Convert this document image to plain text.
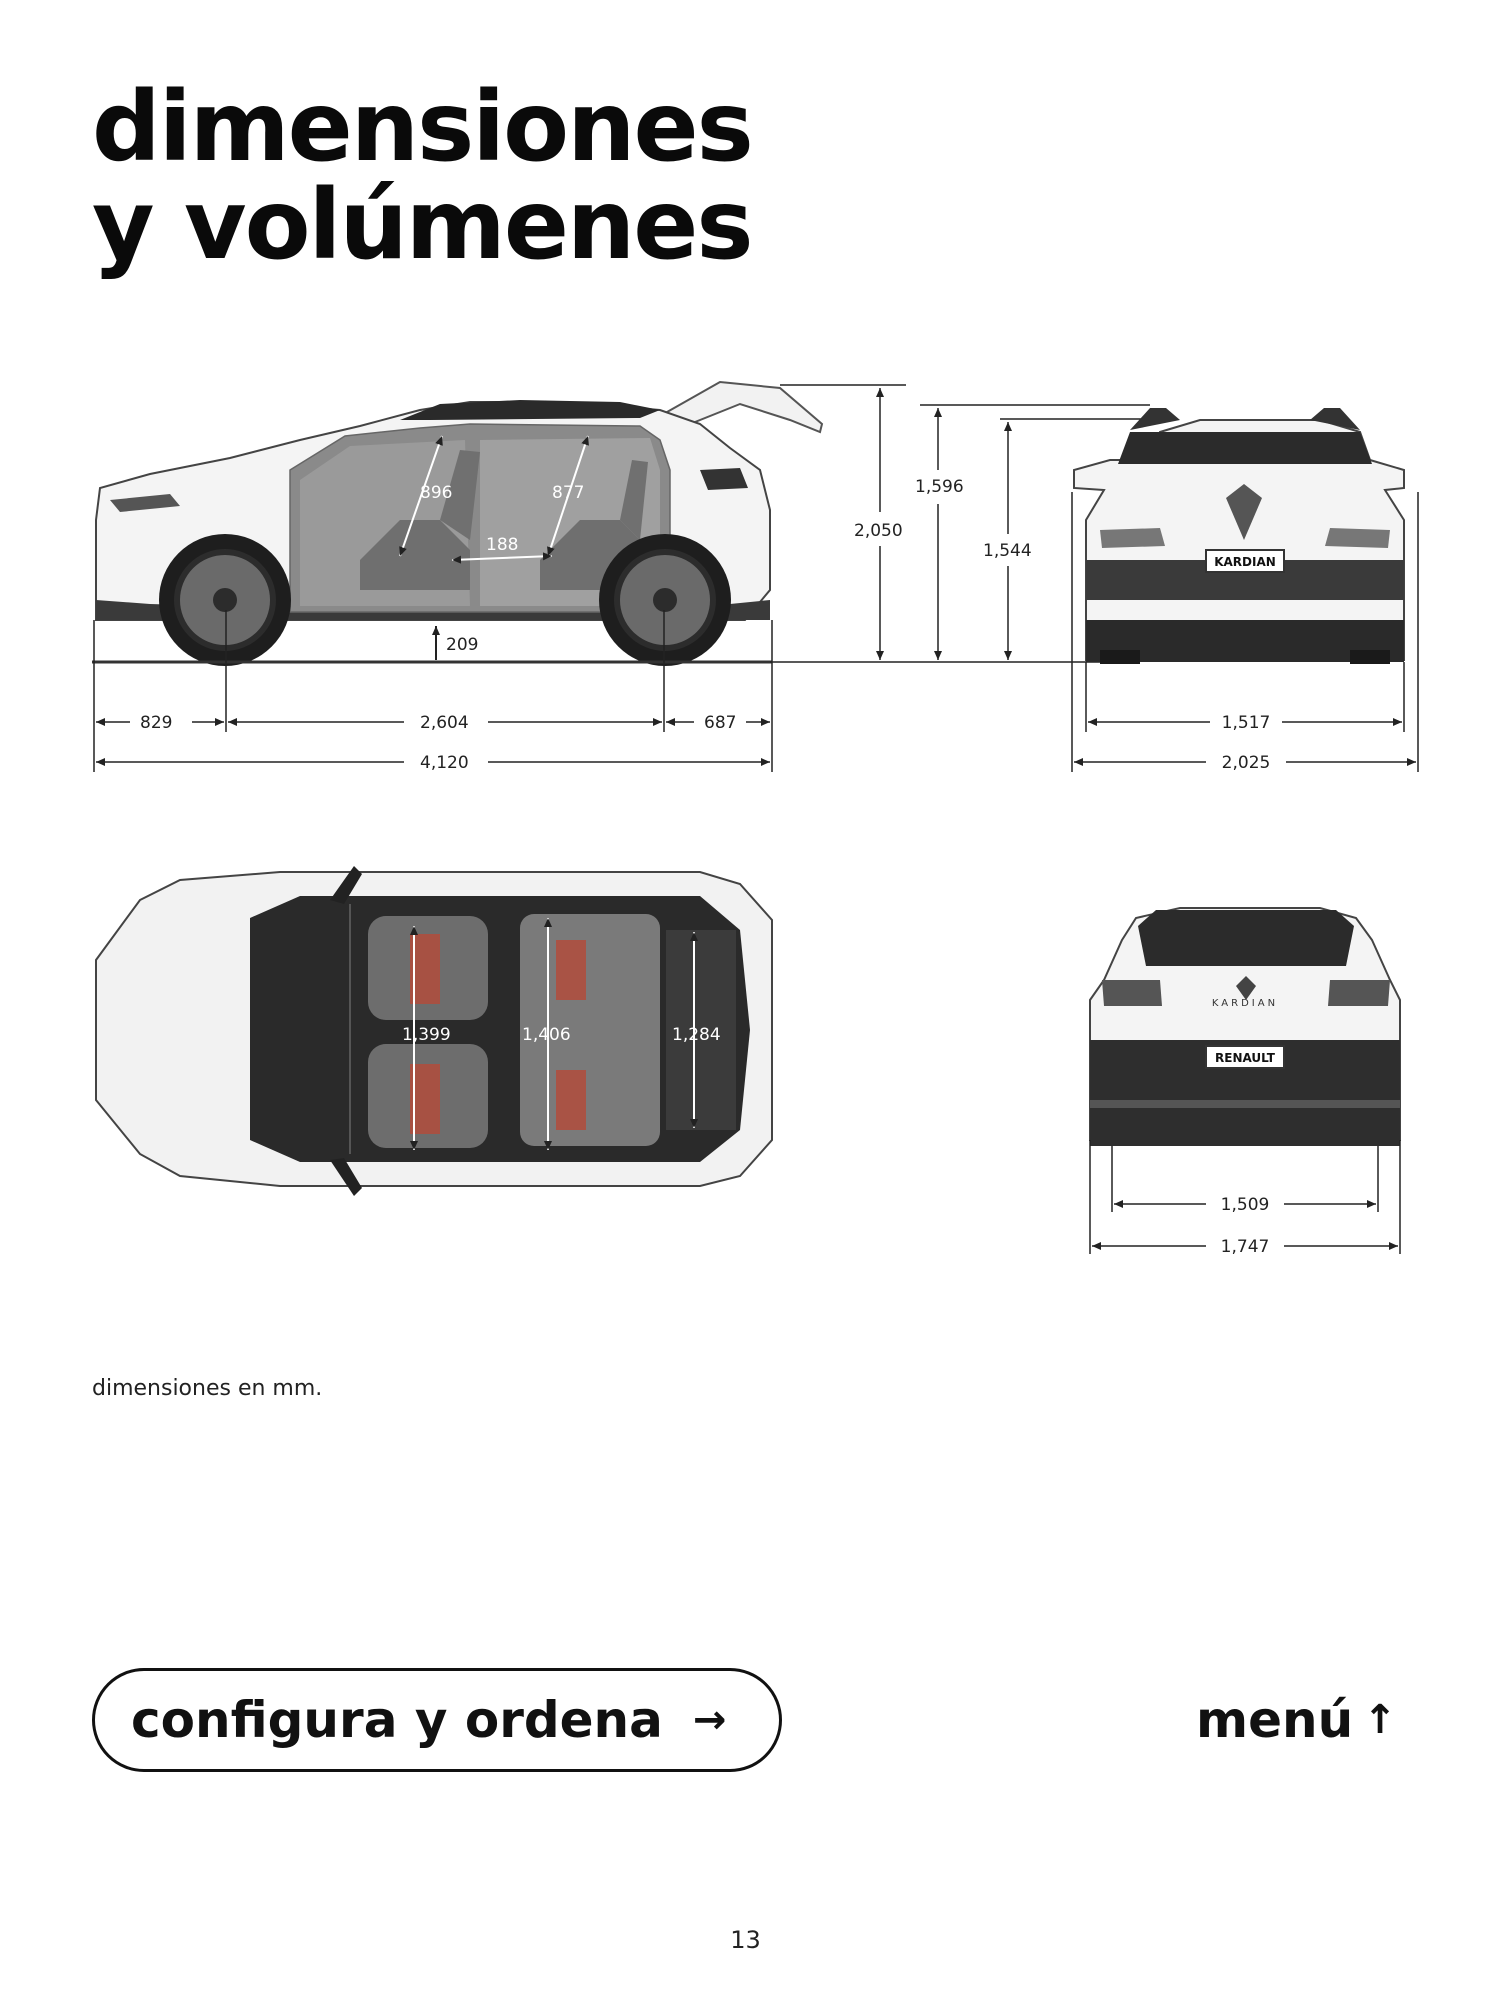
dimensiones
y volúmenes
896	877
188
209
829	2,604	687
4,120
2,050
1,596
1,544
KARDIAN
1,517
2,025
1,399	1,406	1,284
KARDIAN
RENAULT
1,509
1,747
dimensiones en mm.
configura y ordena →	menú ↑
13
